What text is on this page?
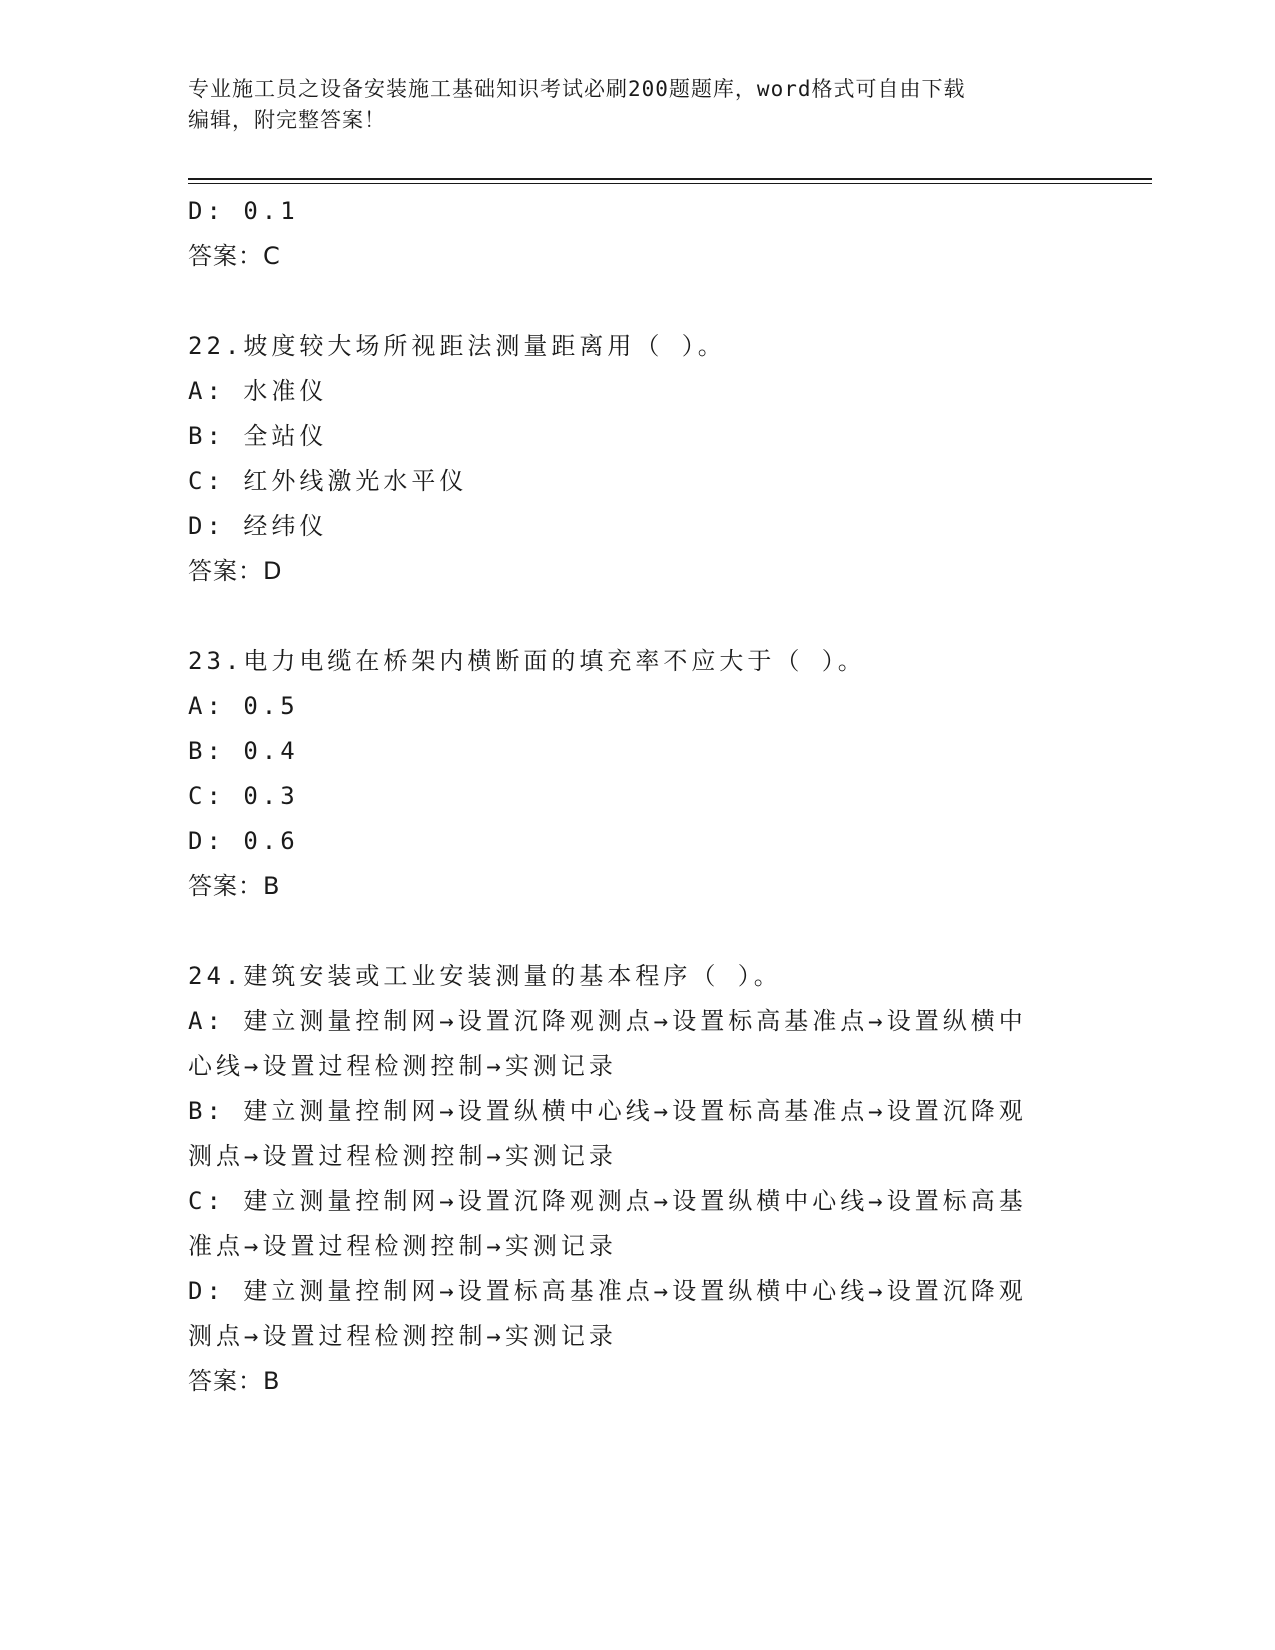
专业施工员之设备安装施工基础知识考试必刷200题题库，word格式可自由下载
编辑，附完整答案！
D: 0.1
答案：C
22.坡度较大场所视距法测量距离用（ ）。
A: 水准仪
B: 全站仪
C: 红外线激光水平仪
D: 经纬仪
答案：D
23.电力电缆在桥架内横断面的填充率不应大于（ ）。
A: 0.5
B: 0.4
C: 0.3
D: 0.6
答案：B
24.建筑安装或工业安装测量的基本程序（ ）。
A: 建立测量控制网→设置沉降观测点→设置标高基准点→设置纵横中
心线→设置过程检测控制→实测记录
B: 建立测量控制网→设置纵横中心线→设置标高基准点→设置沉降观
测点→设置过程检测控制→实测记录
C: 建立测量控制网→设置沉降观测点→设置纵横中心线→设置标高基
准点→设置过程检测控制→实测记录
D: 建立测量控制网→设置标高基准点→设置纵横中心线→设置沉降观
测点→设置过程检测控制→实测记录
答案：B
